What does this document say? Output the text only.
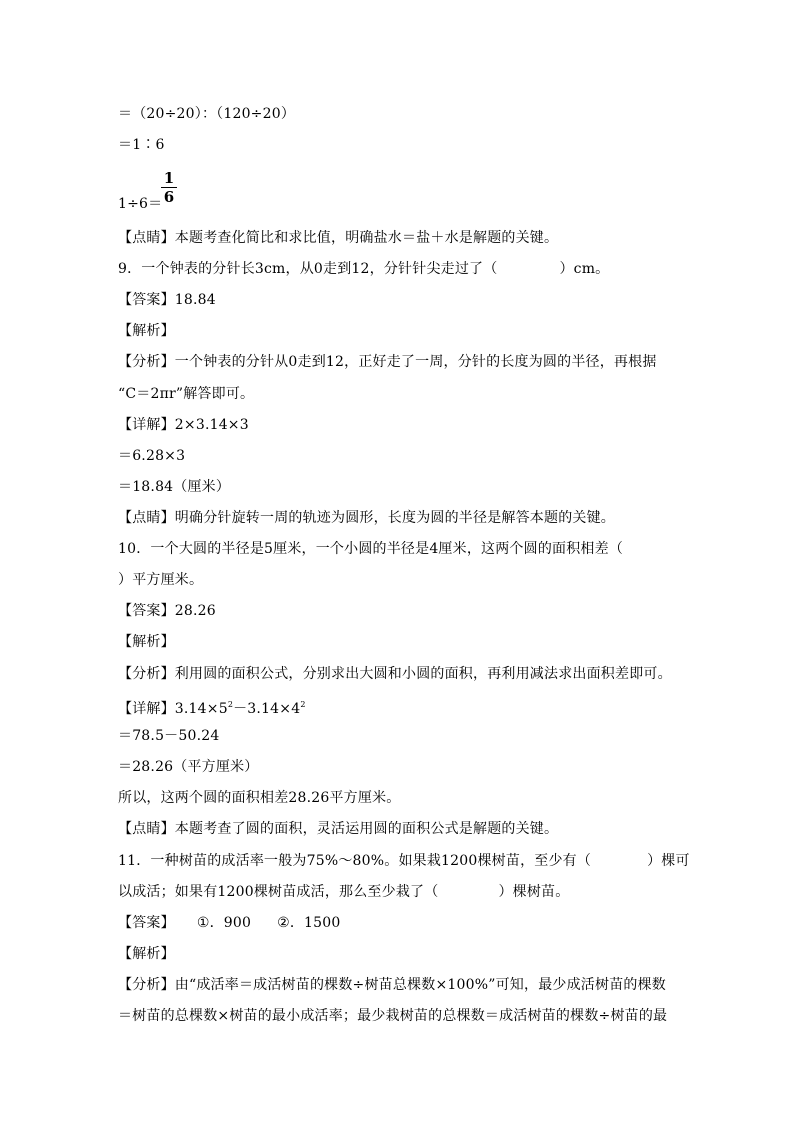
＝（20÷20）：（120÷20）
＝1∶6
1÷6＝
1
6
【点睛】本题考查化简比和求比值，明确盐水＝盐＋水是解题的关键。
9．一个钟表的分针长3cm，从0走到12，分针针尖走过了（	）cm。
【答案】18.84
【解析】
【分析】一个钟表的分针从0走到12，正好走了一周，分针的长度为圆的半径，再根据
“C＝2πr”解答即可。
【详解】2×3.14×3
＝6.28×3
＝18.84（厘米）
【点睛】明确分针旋转一周的轨迹为圆形，长度为圆的半径是解答本题的关键。
10．一个大圆的半径是5厘米，一个小圆的半径是4厘米，这两个圆的面积相差（
）平方厘米。
【答案】28.26
【解析】
【分析】利用圆的面积公式，分别求出大圆和小圆的面积，再利用减法求出面积差即可。
【详解】$3.14\times 5^2-3.14\times 4^2$
＝78.5－50.24
＝28.26（平方厘米）
所以，这两个圆的面积相差28.26平方厘米。
【点睛】本题考查了圆的面积，灵活运用圆的面积公式是解题的关键。
11．一种树苗的成活率一般为75%～80%。如果栽1200棵树苗，至少有（	）棵可
以成活；如果有1200棵树苗成活，那么至少栽了（	）棵树苗。
【答案】 ①．900 ②．1500
【解析】
【分析】由“成活率＝成活树苗的棵数÷树苗总棵数×100%”可知，最少成活树苗的棵数
＝树苗的总棵数×树苗的最小成活率；最少栽树苗的总棵数＝成活树苗的棵数÷树苗的最
